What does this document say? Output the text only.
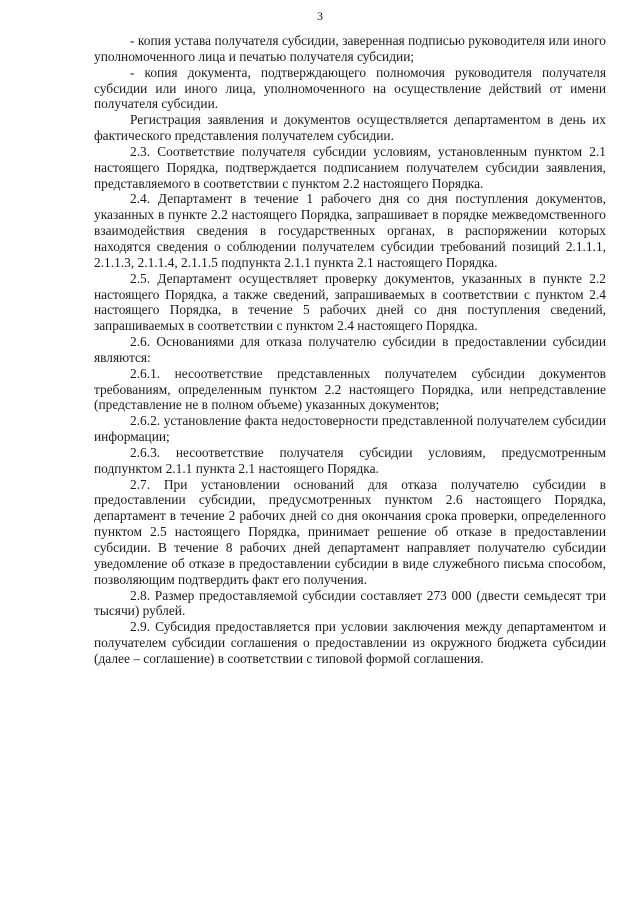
3

- копия устава получателя субсидии, заверенная подписью руководителя или иного уполномоченного лица и печатью получателя субсидии;

- копия документа, подтверждающего полномочия руководителя получателя субсидии или иного лица, уполномоченного на осуществление действий от имени получателя субсидии.

Регистрация заявления и документов осуществляется департаментом в день их фактического представления получателем субсидии.

2.3. Соответствие получателя субсидии условиям, установленным пунктом 2.1 настоящего Порядка, подтверждается подписанием получателем субсидии заявления, представляемого в соответствии с пунктом 2.2 настоящего Порядка.

2.4. Департамент в течение 1 рабочего дня со дня поступления документов, указанных в пункте 2.2 настоящего Порядка, запрашивает в порядке межведомственного взаимодействия сведения в государственных органах, в распоряжении которых находятся сведения о соблюдении получателем субсидии требований позиций 2.1.1.1, 2.1.1.3, 2.1.1.4, 2.1.1.5 подпункта 2.1.1 пункта 2.1 настоящего Порядка.

2.5. Департамент осуществляет проверку документов, указанных в пункте 2.2 настоящего Порядка, а также сведений, запрашиваемых в соответствии с пунктом 2.4 настоящего Порядка, в течение 5 рабочих дней со дня поступления сведений, запрашиваемых в соответствии с пунктом 2.4 настоящего Порядка.

2.6. Основаниями для отказа получателю субсидии в предоставлении субсидии являются:

2.6.1. несоответствие представленных получателем субсидии документов требованиям, определенным пунктом 2.2 настоящего Порядка, или непредставление (представление не в полном объеме) указанных документов;

2.6.2. установление факта недостоверности представленной получателем субсидии информации;

2.6.3. несоответствие получателя субсидии условиям, предусмотренным подпунктом 2.1.1 пункта 2.1 настоящего Порядка.

2.7. При установлении оснований для отказа получателю субсидии в предоставлении субсидии, предусмотренных пунктом 2.6 настоящего Порядка, департамент в течение 2 рабочих дней со дня окончания срока проверки, определенного пунктом 2.5 настоящего Порядка, принимает решение об отказе в предоставлении субсидии. В течение 8 рабочих дней департамент направляет получателю субсидии уведомление об отказе в предоставлении субсидии в виде служебного письма способом, позволяющим подтвердить факт его получения.

2.8. Размер предоставляемой субсидии составляет 273 000 (двести семьдесят три тысячи) рублей.

2.9. Субсидия предоставляется при условии заключения между департаментом и получателем субсидии соглашения о предоставлении из окружного бюджета субсидии (далее – соглашение) в соответствии с типовой формой соглашения.
